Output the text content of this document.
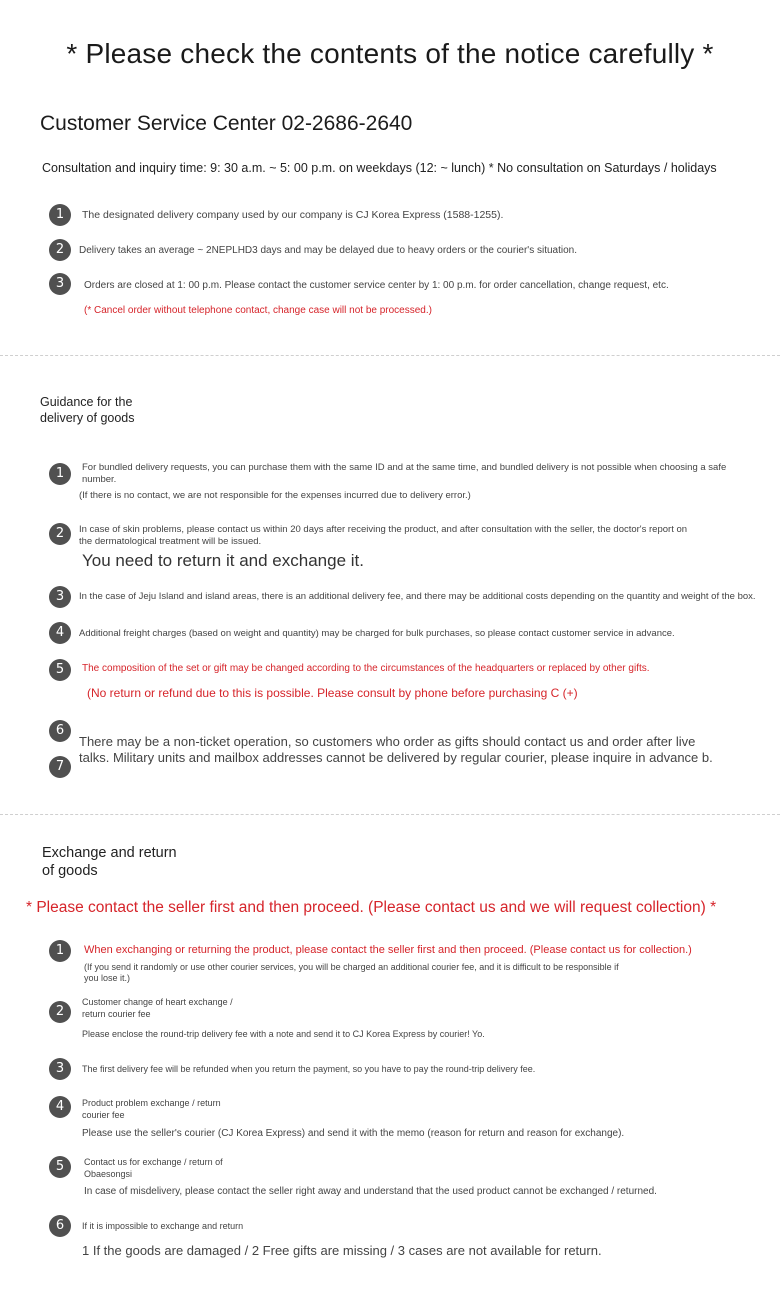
* Please check the contents of the notice carefully *
Customer Service Center 02-2686-2640
Consultation and inquiry time: 9: 30 a.m. ~ 5: 00 p.m. on weekdays (12: ~ lunch) * No consultation on Saturdays / holidays
1	The designated delivery company used by our company is CJ Korea Express (1588-1255).
2	Delivery takes an average ~ 2NEPLHD3 days and may be delayed due to heavy orders or the courier's situation.
3	Orders are closed at 1: 00 p.m. Please contact the customer service center by 1: 00 p.m. for order cancellation, change request, etc.
(* Cancel order without telephone contact, change case will not be processed.)
Guidance for the
delivery of goods
1	For bundled delivery requests, you can purchase them with the same ID and at the same time, and bundled delivery is not possible when choosing a safe
number.
(If there is no contact, we are not responsible for the expenses incurred due to delivery error.)
2	In case of skin problems, please contact us within 20 days after receiving the product, and after consultation with the seller, the doctor's report on
the dermatological treatment will be issued.
You need to return it and exchange it.
3	In the case of Jeju Island and island areas, there is an additional delivery fee, and there may be additional costs depending on the quantity and weight of the box.
4	Additional freight charges (based on weight and quantity) may be charged for bulk purchases, so please contact customer service in advance.
5	The composition of the set or gift may be changed according to the circumstances of the headquarters or replaced by other gifts.
(No return or refund due to this is possible. Please consult by phone before purchasing C (+)
6
7
There may be a non-ticket operation, so customers who order as gifts should contact us and order after live
talks. Military units and mailbox addresses cannot be delivered by regular courier, please inquire in advance b.
Exchange and return
of goods
* Please contact the seller first and then proceed. (Please contact us and we will request collection) *
1	When exchanging or returning the product, please contact the seller first and then proceed. (Please contact us for collection.)
(If you send it randomly or use other courier services, you will be charged an additional courier fee, and it is difficult to be responsible if
you lose it.)
2
Customer change of heart exchange /
return courier fee
Please enclose the round-trip delivery fee with a note and send it to CJ Korea Express by courier! Yo.
3	The first delivery fee will be refunded when you return the payment, so you have to pay the round-trip delivery fee.
4	Product problem exchange / return
courier fee
Please use the seller's courier (CJ Korea Express) and send it with the memo (reason for return and reason for exchange).
5	Contact us for exchange / return of
Obaesongsi
In case of misdelivery, please contact the seller right away and understand that the used product cannot be exchanged / returned.
6	If it is impossible to exchange and return
1 If the goods are damaged / 2 Free gifts are missing / 3 cases are not available for return.
